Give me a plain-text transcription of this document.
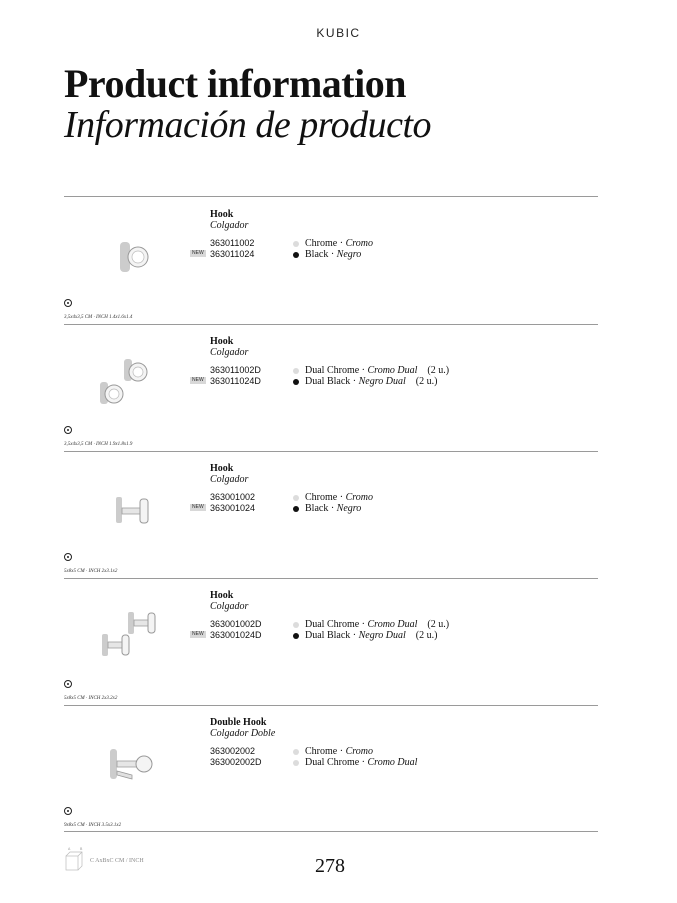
KUBIC
Product information
Información de producto
Hook
Colgador
363011002
363011024
NEW
Chrome · Cromo
Black · Negro
3,5x4x3,5 CM · INCH 1.4x1.6x1.4
Hook
Colgador
363011002D
363011024D
NEW
Dual Chrome · Cromo Dual (2 u.)
Dual Black · Negro Dual (2 u.)
3,5x4x3,5 CM · INCH 1.9x1.8x1.9
Hook
Colgador
363001002
363001024
NEW
Chrome · Cromo
Black · Negro
5x8x5 CM · INCH 2x3.1x2
Hook
Colgador
363001002D
363001024D
NEW
Dual Chrome · Cromo Dual (2 u.)
Dual Black · Negro Dual (2 u.)
5x8x5 CM · INCH 2x3.2x2
Double Hook
Colgador Doble
363002002
363002002D
Chrome · Cromo
Dual Chrome · Cromo Dual
9x8x5 CM · INCH 3.5x3.1x2
A	B
C AxBxC CM / INCH	278
